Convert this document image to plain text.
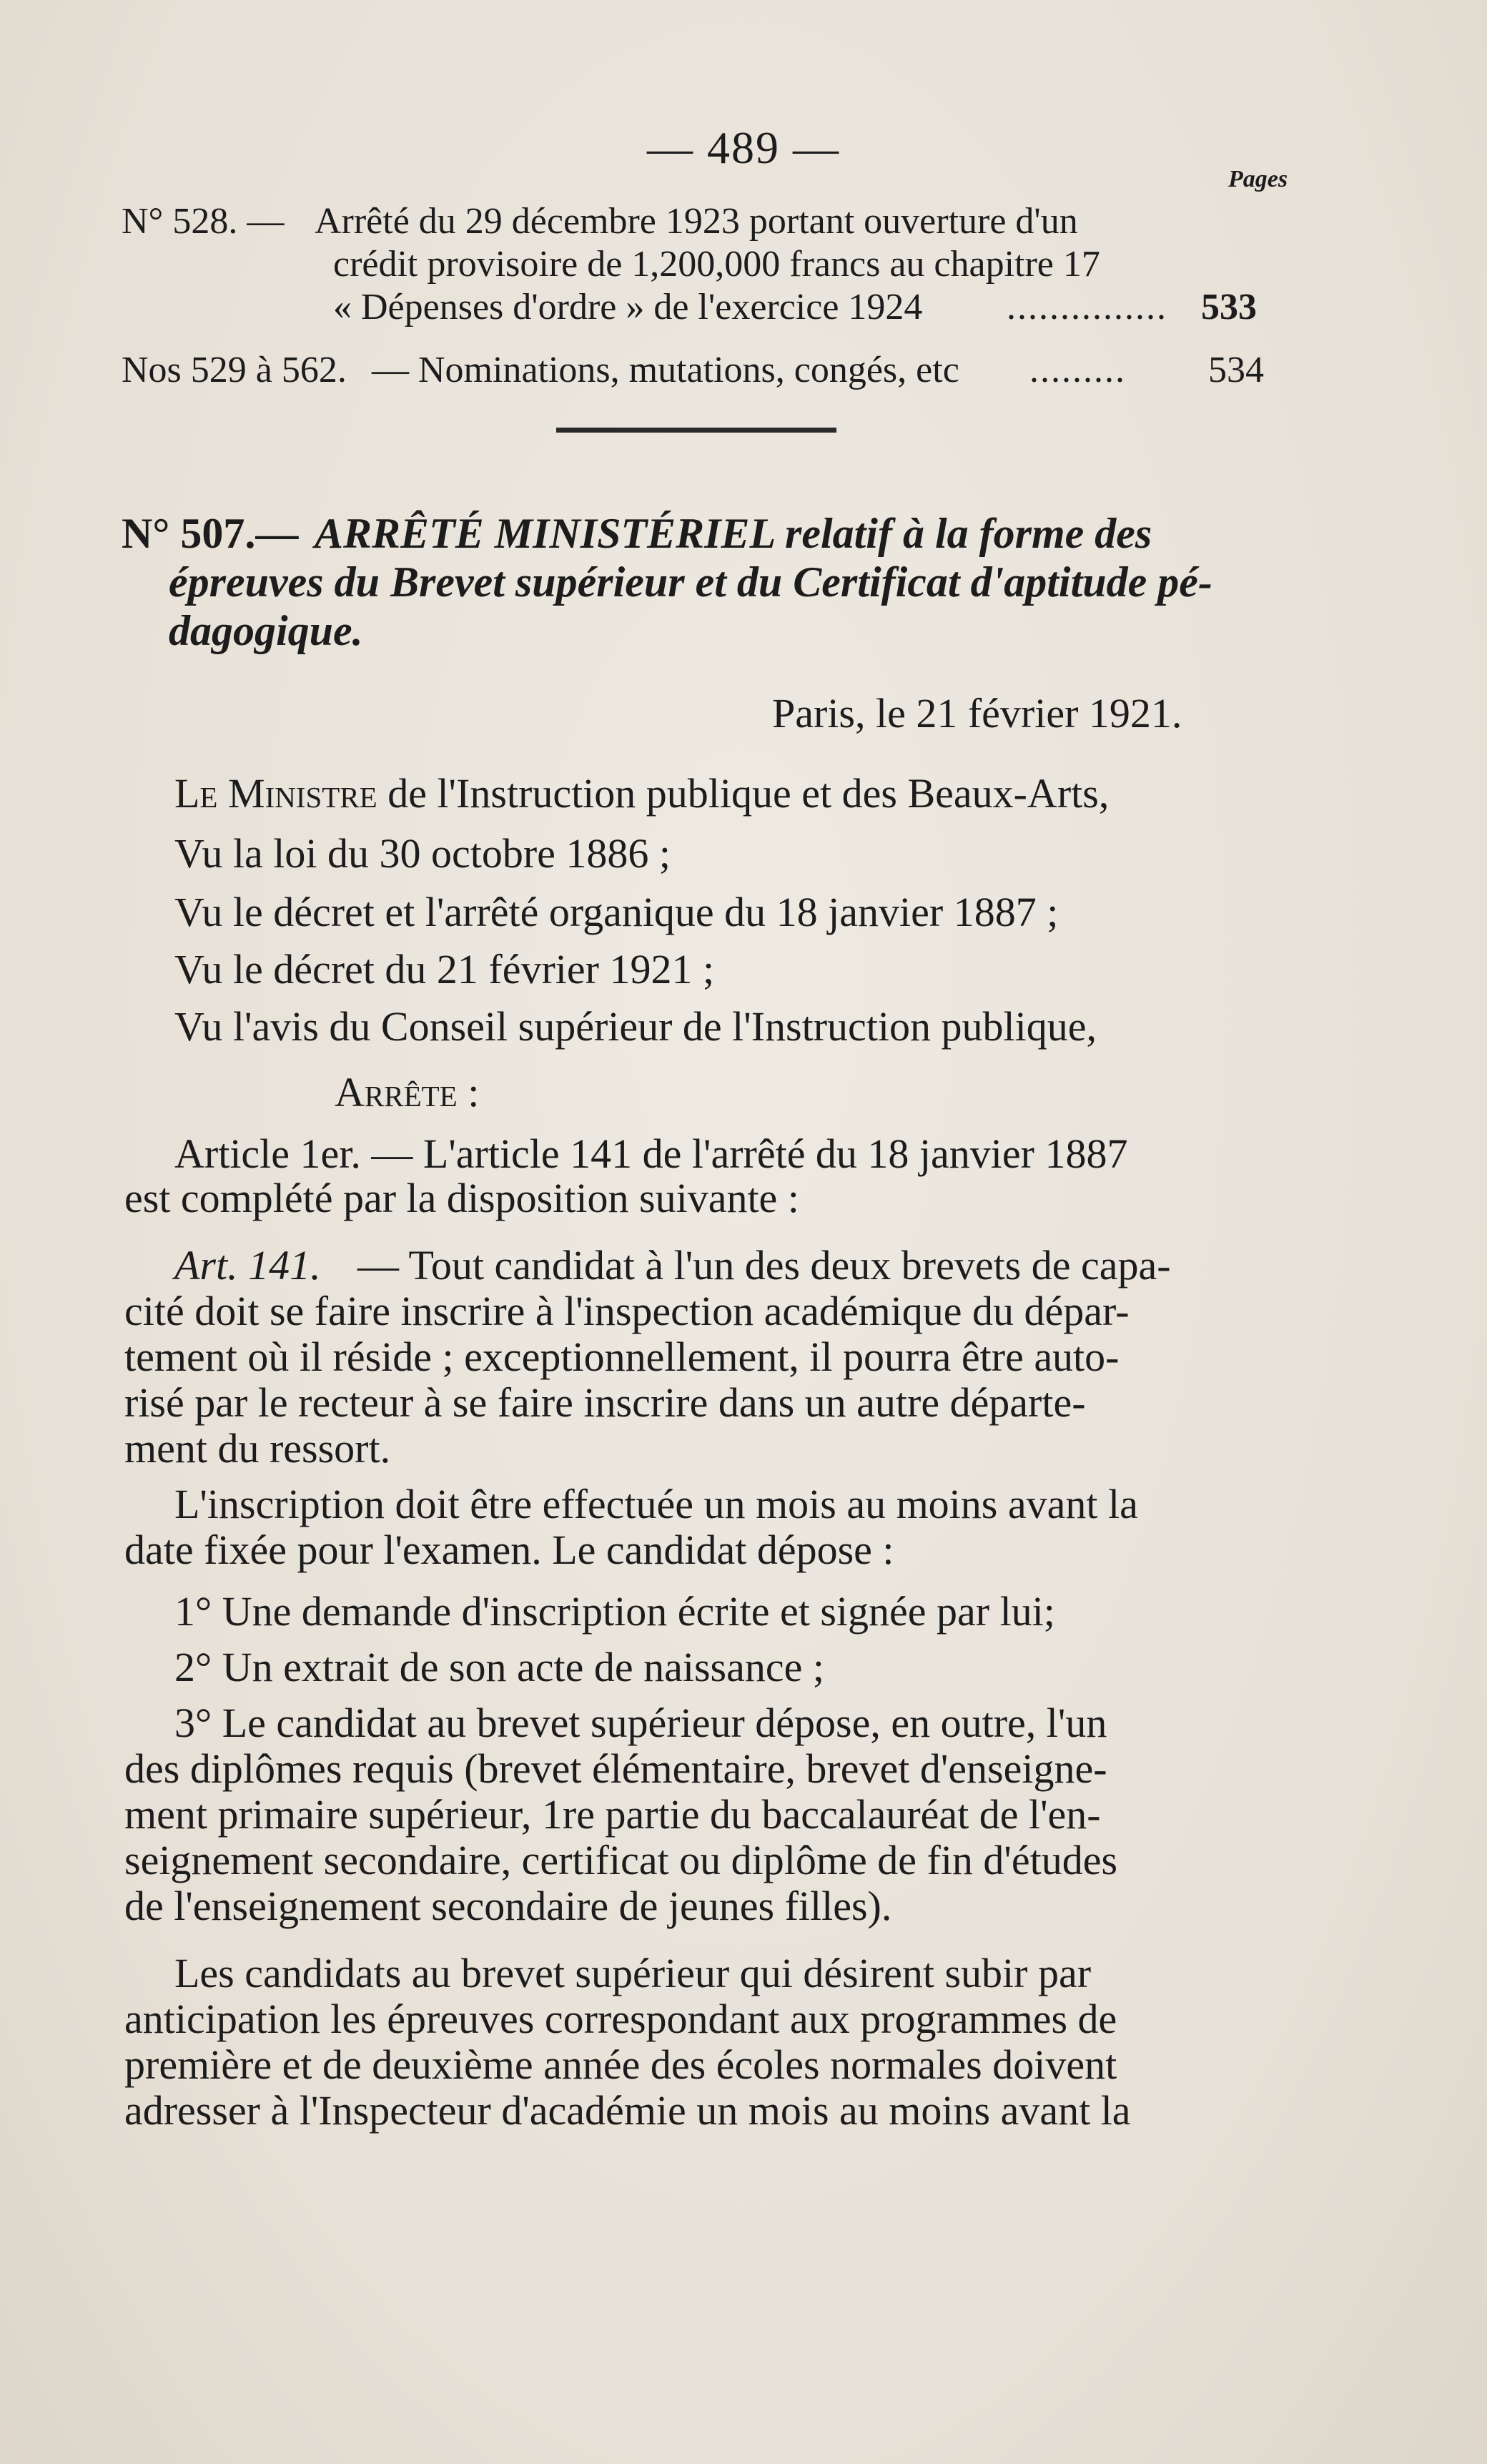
— 489 —
Pages
N° 528. — Arrêté du 29 décembre 1923 portant ouverture d'un
crédit provisoire de 1,200,000 francs au chapitre 17
« Dépenses d'ordre » de l'exercice 1924 ............... 533
Nos 529 à 562. — Nominations, mutations, congés, etc ......... 534
N° 507.— ARRÊTÉ MINISTÉRIEL relatif à la forme des
épreuves du Brevet supérieur et du Certificat d'aptitude pé-
dagogique.
Paris, le 21 février 1921.
Le Ministre de l'Instruction publique et des Beaux-Arts,
Vu la loi du 30 octobre 1886 ;
Vu le décret et l'arrêté organique du 18 janvier 1887 ;
Vu le décret du 21 février 1921 ;
Vu l'avis du Conseil supérieur de l'Instruction publique,
Arrête :
Article 1er. — L'article 141 de l'arrêté du 18 janvier 1887
est complété par la disposition suivante :
Art. 141. — Tout candidat à l'un des deux brevets de capa-
cité doit se faire inscrire à l'inspection académique du dépar-
tement où il réside ; exceptionnellement, il pourra être auto-
risé par le recteur à se faire inscrire dans un autre départe-
ment du ressort.
L'inscription doit être effectuée un mois au moins avant la
date fixée pour l'examen. Le candidat dépose :
1° Une demande d'inscription écrite et signée par lui;
2° Un extrait de son acte de naissance ;
3° Le candidat au brevet supérieur dépose, en outre, l'un
des diplômes requis (brevet élémentaire, brevet d'enseigne-
ment primaire supérieur, 1re partie du baccalauréat de l'en-
seignement secondaire, certificat ou diplôme de fin d'études
de l'enseignement secondaire de jeunes filles).
Les candidats au brevet supérieur qui désirent subir par
anticipation les épreuves correspondant aux programmes de
première et de deuxième année des écoles normales doivent
adresser à l'Inspecteur d'académie un mois au moins avant la
